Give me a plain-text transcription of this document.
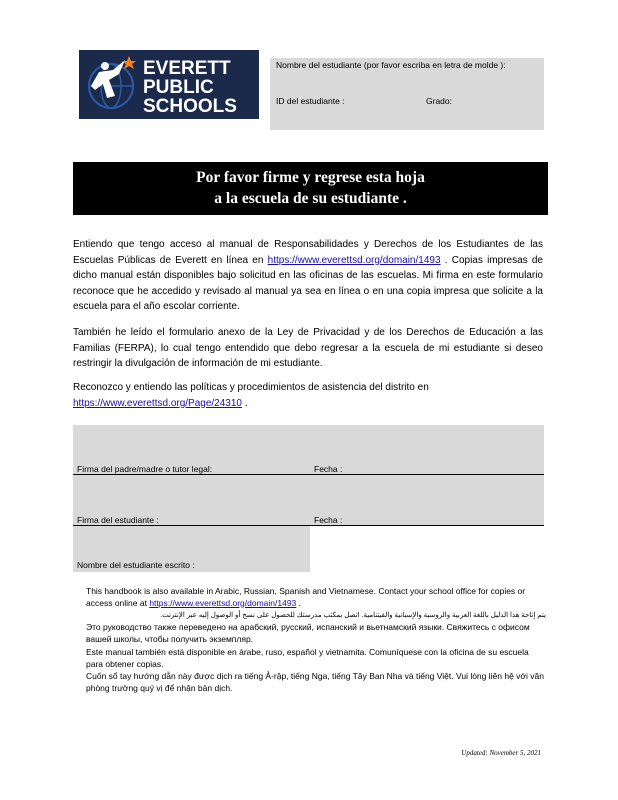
EVERETT
PUBLIC
SCHOOLS
Nombre del estudiante (por favor escriba en letra de molde ):
ID del estudiante :	Grado:
Por favor firme y regrese esta hoja
a la escuela de su estudiante .
Entiendo que tengo acceso al manual de Responsabilidades y Derechos de los Estudiantes de las Escuelas Públicas de Everett en línea en https://www.everettsd.org/domain/1493 . Copias impresas de dicho manual están disponibles bajo solicitud en las oficinas de las escuelas. Mi firma en este formulario reconoce que he accedido y revisado al manual ya sea en línea o en una copia impresa que solicite a la escuela para el año escolar corriente.
También he leído el formulario anexo de la Ley de Privacidad y de los Derechos de Educación a las Familias (FERPA), lo cual tengo entendido que debo regresar a la escuela de mi estudiante si deseo restringir la divulgación de información de mi estudiante.
Reconozco y entiendo las políticas y procedimientos de asistencia del distrito en
https://www.everettsd.org/Page/24310 .
Firma del padre/madre o tutor legal:	Fecha :
Firma del estudiante :	Fecha :
Nombre del estudiante escrito :
This handbook is also available in Arabic, Russian, Spanish and Vietnamese. Contact your school office for copies or access online at https://www.everettsd.org/domain/1493 .
يتم إتاحة هذا الدليل باللغة العربية والروسية والإسبانية والفيتنامية. اتصل بمكتب مدرستك للحصول على نسخ أو الوصول إليه عبر الإنترنت.
Это руководство также переведено на арабский, русский, испанский и вьетнамский языки. Свяжитесь с офисом вашей школы, чтобы получить экземпляр.
Este manual también está disponible en árabe, ruso, español y vietnamita. Comuníquese con la oficina de su escuela para obtener copias.
Cuốn sổ tay hướng dẫn này được dịch ra tiếng Ả-rập, tiếng Nga, tiếng Tây Ban Nha và tiếng Việt. Vui lòng liên hệ với văn phòng trường quý vị để nhận bản dịch.
Updated: November 5, 2021
